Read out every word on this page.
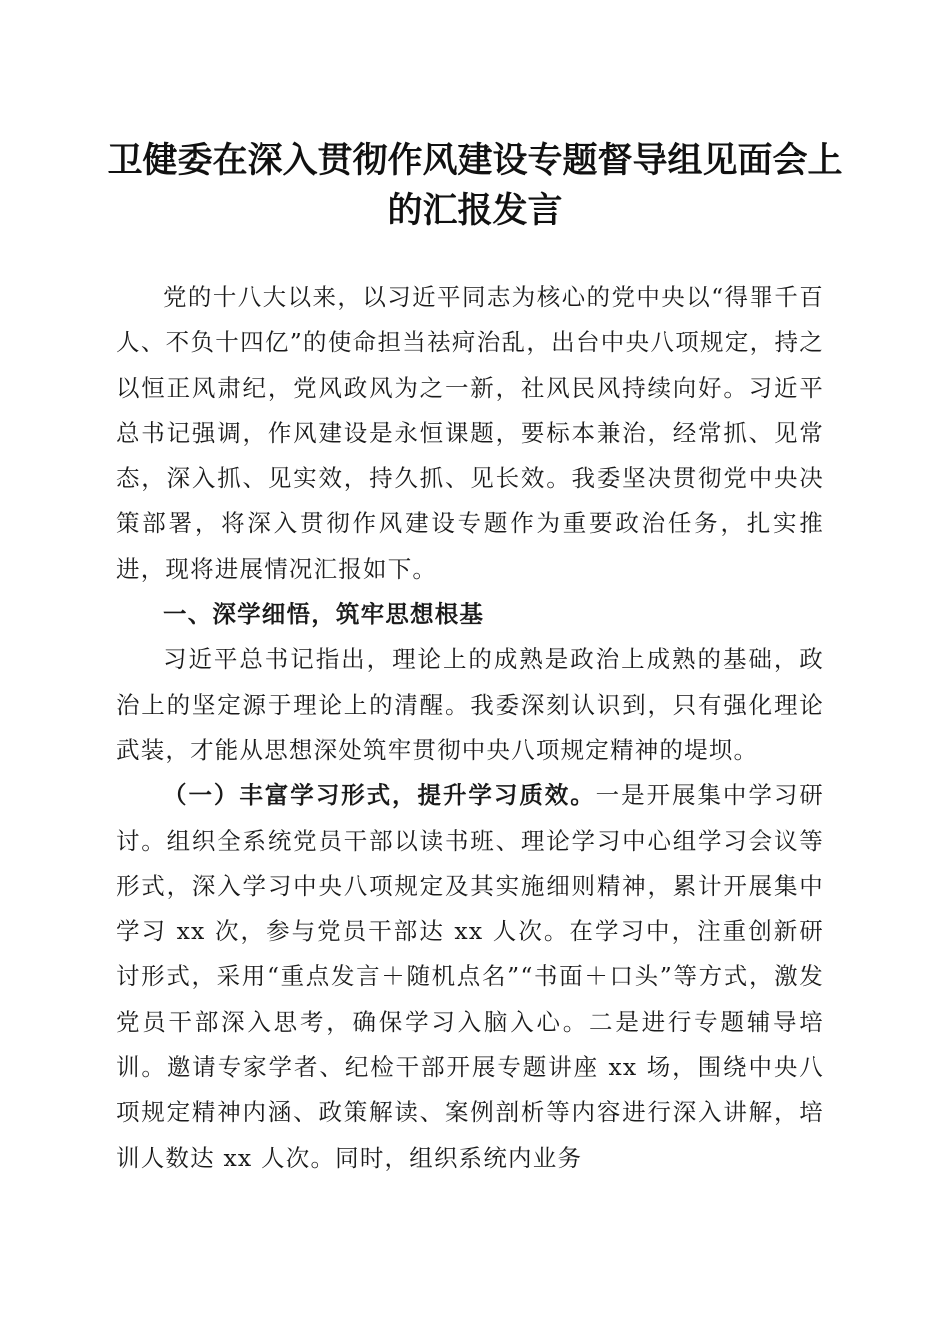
卫健委在深入贯彻作风建设专题督导组见面会上的汇报发言

党的十八大以来，以习近平同志为核心的党中央以“得罪千百人、不负十四亿”的使命担当祛疴治乱，出台中央八项规定，持之以恒正风肃纪，党风政风为之一新，社风民风持续向好。习近平总书记强调，作风建设是永恒课题，要标本兼治，经常抓、见常态，深入抓、见实效，持久抓、见长效。我委坚决贯彻党中央决策部署，将深入贯彻作风建设专题作为重要政治任务，扎实推进，现将进展情况汇报如下。

一、深学细悟，筑牢思想根基

习近平总书记指出，理论上的成熟是政治上成熟的基础，政治上的坚定源于理论上的清醒。我委深刻认识到，只有强化理论武装，才能从思想深处筑牢贯彻中央八项规定精神的堤坝。

（一）丰富学习形式，提升学习质效。一是开展集中学习研讨。组织全系统党员干部以读书班、理论学习中心组学习会议等形式，深入学习中央八项规定及其实施细则精神，累计开展集中学习 xx 次，参与党员干部达 xx 人次。在学习中，注重创新研讨形式，采用“重点发言＋随机点名”“书面＋口头”等方式，激发党员干部深入思考，确保学习入脑入心。二是进行专题辅导培训。邀请专家学者、纪检干部开展专题讲座 xx 场，围绕中央八项规定精神内涵、政策解读、案例剖析等内容进行深入讲解，培训人数达 xx 人次。同时，组织系统内业务
